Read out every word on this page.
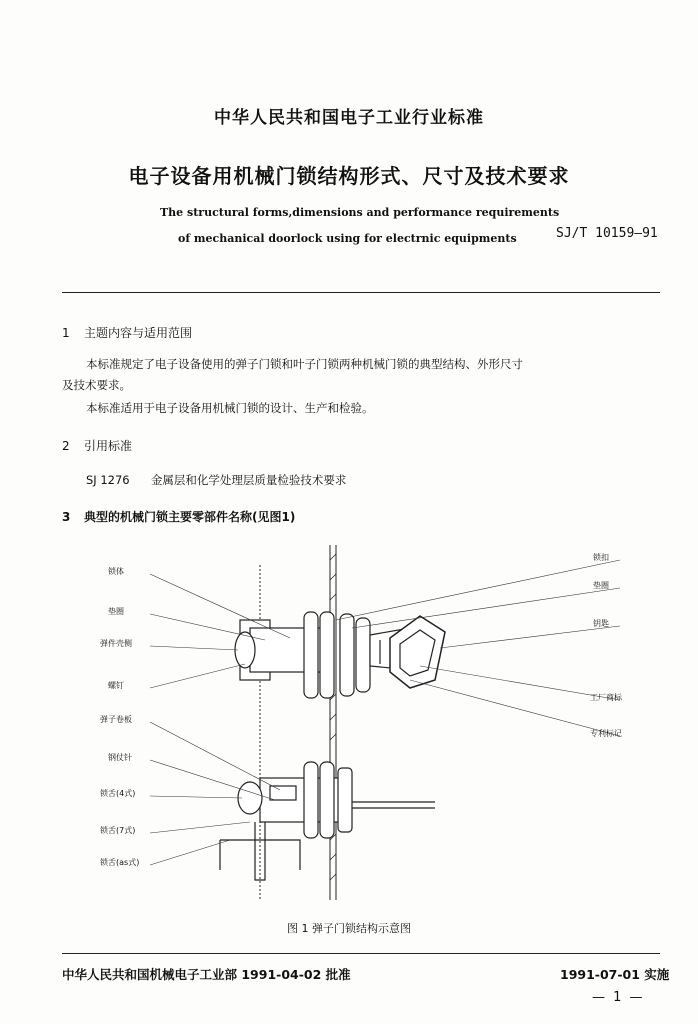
中华人民共和国电子工业行业标准
电子设备用机械门锁结构形式、尺寸及技术要求
The structural forms,dimensions and performance requirements
of mechanical doorlock using for electrnic equipments	SJ/T 10159—91
1 主题内容与适用范围
本标准规定了电子设备使用的弹子门锁和叶子门锁两种机械门锁的典型结构、外形尺寸
及技术要求。
本标准适用于电子设备用机械门锁的设计、生产和检验。
2 引用标准
SJ 1276 金属层和化学处理层质量检验技术要求
3 典型的机械门锁主要零部件名称(见图1)
锁体
垫圈
弹件壳侧
螺钉
弹子卷板
钢仗针
锁舌(4式)
锁舌(7式)
锁舌(as式)
锁扣
垫圈
钥匙
工厂商标
专利标记
图 1 弹子门锁结构示意图
中华人民共和国机械电子工业部 1991-04-02 批准	1991-07-01 实施
— 1 —
